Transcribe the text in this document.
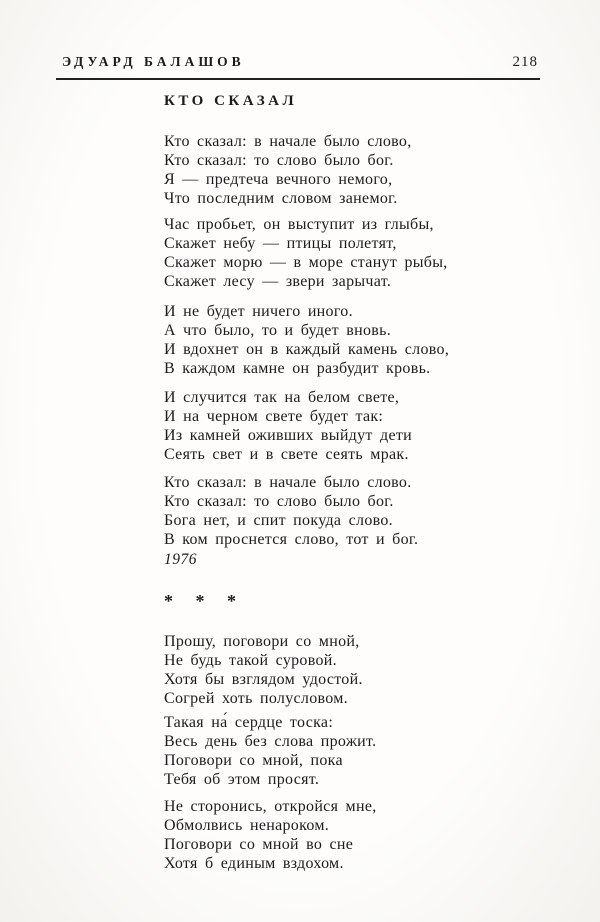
ЭДУАРД БАЛАШОВ	218
КТО СКАЗАЛ
Кто сказал: в начале было слово,
Кто сказал: то слово было бог.
Я — предтеча вечного немого,
Что последним словом занемог.
Час пробьет, он выступит из глыбы,
Скажет небу — птицы полетят,
Скажет морю — в море станут рыбы,
Скажет лесу — звери зарычат.
И не будет ничего иного.
А что было, то и будет вновь.
И вдохнет он в каждый камень слово,
В каждом камне он разбудит кровь.
И случится так на белом свете,
И на черном свете будет так:
Из камней оживших выйдут дети
Сеять свет и в свете сеять мрак.
Кто сказал: в начале было слово.
Кто сказал: то слово было бог.
Бога нет, и спит покуда слово.
В ком проснется слово, тот и бог.
1976
* * *
Прошу, поговори со мной,
Не будь такой суровой.
Хотя бы взглядом удостой.
Согрей хоть полусловом.
Такая на́ сердце тоска:
Весь день без слова прожит.
Поговори со мной, пока
Тебя об этом просят.
Не сторонись, откройся мне,
Обмолвись ненароком.
Поговори со мной во сне
Хотя б единым вздохом.
